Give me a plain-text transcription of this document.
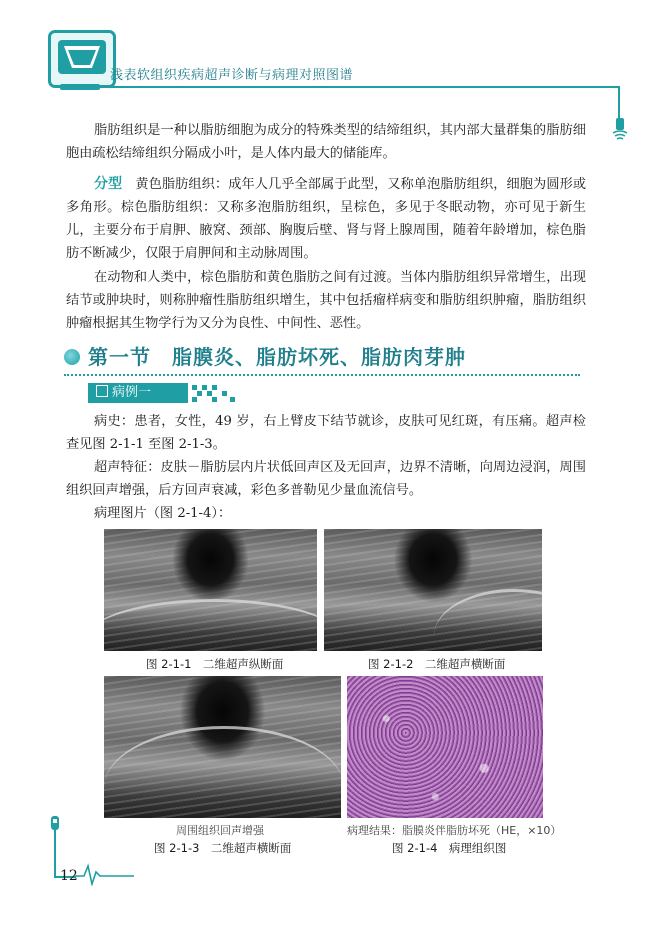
浅表软组织疾病超声诊断与病理对照图谱

脂肪组织是一种以脂肪细胞为成分的特殊类型的结缔组织，其内部大量群集的脂肪细胞由疏松结缔组织分隔成小叶，是人体内最大的储能库。

分型　 黄色脂肪组织：成年人几乎全部属于此型，又称单泡脂肪组织，细胞为圆形或多角形。棕色脂肪组织：又称多泡脂肪组织，呈棕色，多见于冬眠动物，亦可见于新生儿，主要分布于肩胛、腋窝、颈部、胸腹后壁、肾与肾上腺周围，随着年龄增加，棕色脂肪不断减少，仅限于肩胛间和主动脉周围。

在动物和人类中，棕色脂肪和黄色脂肪之间有过渡。当体内脂肪组织异常增生，出现结节或肿块时，则称肿瘤性脂肪组织增生，其中包括瘤样病变和脂肪组织肿瘤，脂肪组织肿瘤根据其生物学行为又分为良性、中间性、恶性。

第一节　脂膜炎、脂肪坏死、脂肪肉芽肿
病例一

病史：患者，女性，49 岁，右上臂皮下结节就诊，皮肤可见红斑，有压痛。超声检查见图 2-1-1 至图 2-1-3。

超声特征：皮肤－脂肪层内片状低回声区及无回声，边界不清晰，向周边浸润，周围组织回声增强，后方回声衰减，彩色多普勒见少量血流信号。

病理图片（图 2-1-4）：

图 2-1-1　二维超声纵断面	图 2-1-2　二维超声横断面
周围组织回声增强
图 2-1-3　二维超声横断面
病理结果：脂膜炎伴脂肪坏死（HE，×10）
图 2-1-4　病理组织图
12
